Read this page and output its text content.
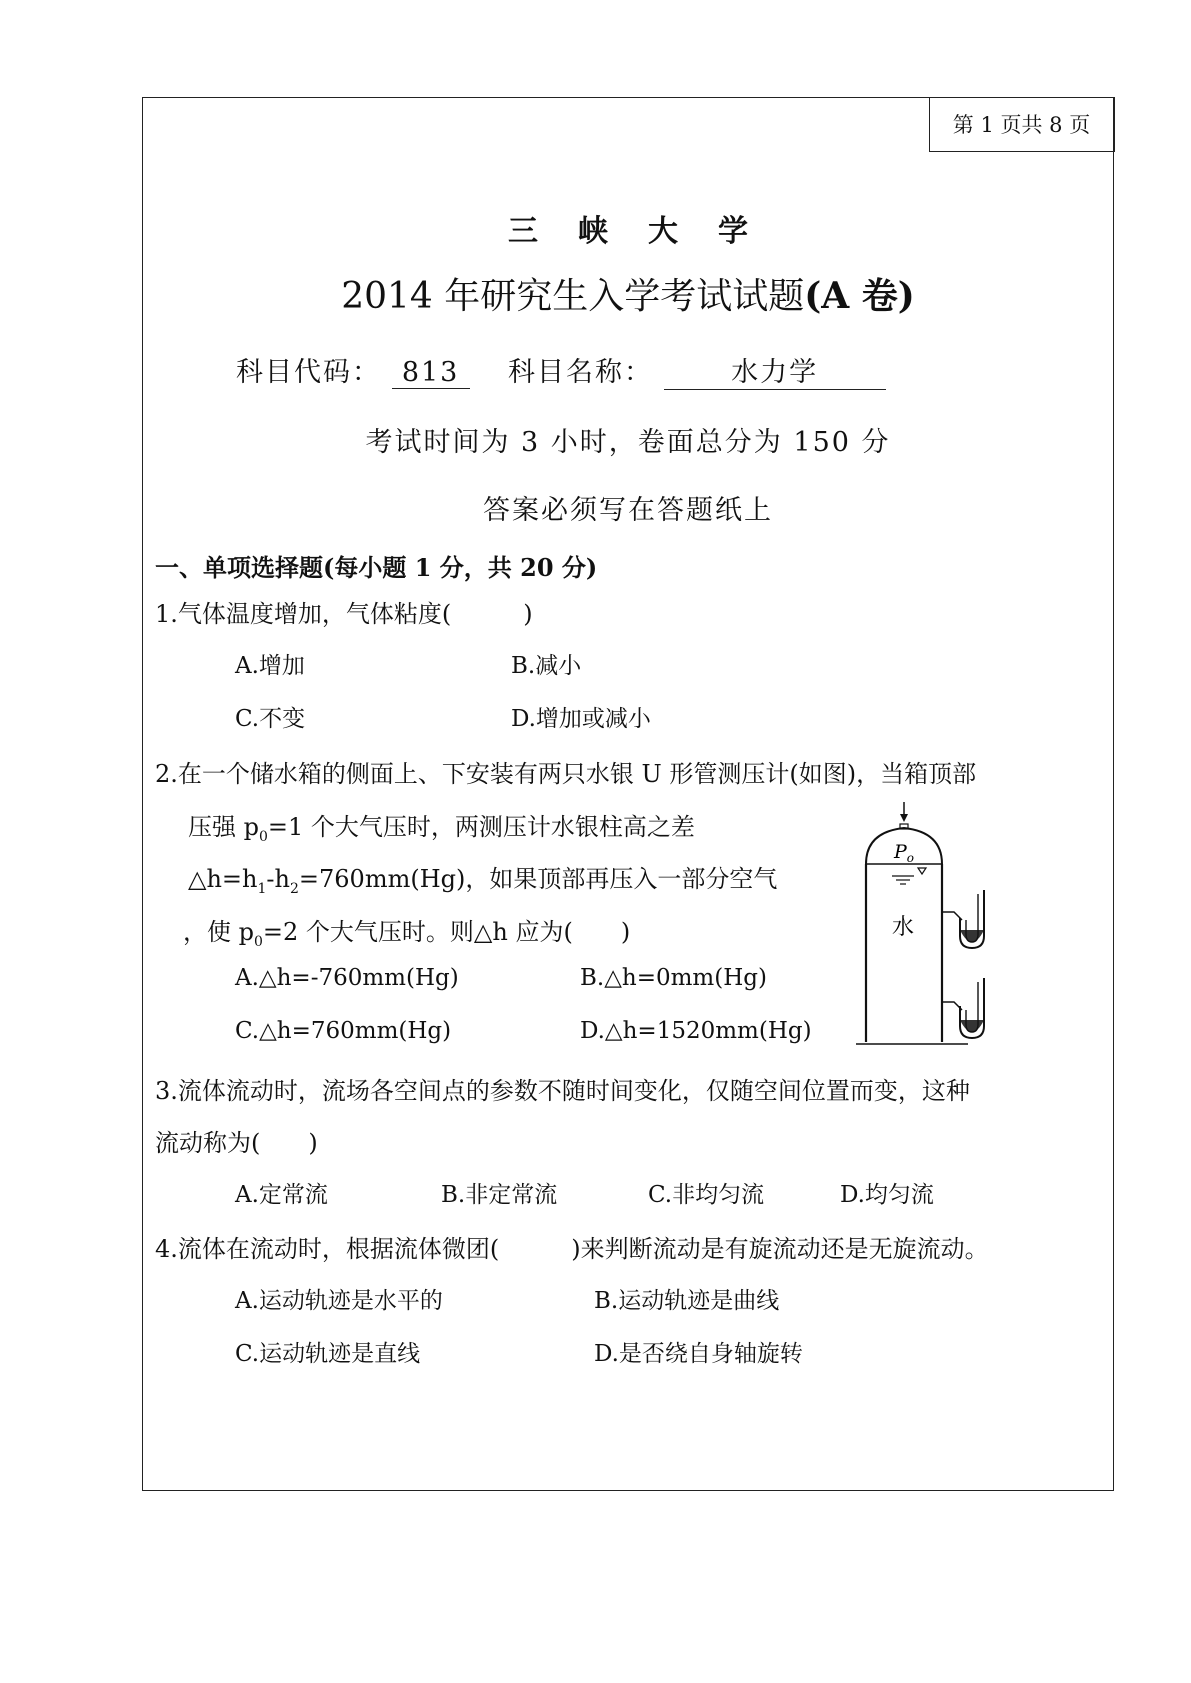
第 1 页共 8 页
三峡大学
2014 年研究生入学考试试题(A 卷)
科目代码： 813	科目名称：	水力学
考试时间为 3 小时，卷面总分为 150 分
答案必须写在答题纸上
一、单项选择题(每小题 1 分，共 20 分)
1.气体温度增加，气体粘度(　　　)
A.增加	B.减小
C.不变	D.增加或减小
2.在一个储水箱的侧面上、下安装有两只水银 U 形管测压计(如图)，当箱顶部
压强 $p_0=1$ 个大气压时，两测压计水银柱高之差
$\triangle h=h_1-h_2=760mm(Hg)$，如果顶部再压入一部分空气
，使 $p_0=2$ 个大气压时。则△h 应为(　　)
A.△h=-760mm(Hg)	B.△h=0mm(Hg)
C.△h=760mm(Hg)	D.△h=1520mm(Hg)
$P_o$
水
3.流体流动时，流场各空间点的参数不随时间变化，仅随空间位置而变，这种
流动称为(　　)
A.定常流	B.非定常流	C.非均匀流	D.均匀流
4.流体在流动时，根据流体微团(　　　)来判断流动是有旋流动还是无旋流动。
A.运动轨迹是水平的	B.运动轨迹是曲线
C.运动轨迹是直线	D.是否绕自身轴旋转
